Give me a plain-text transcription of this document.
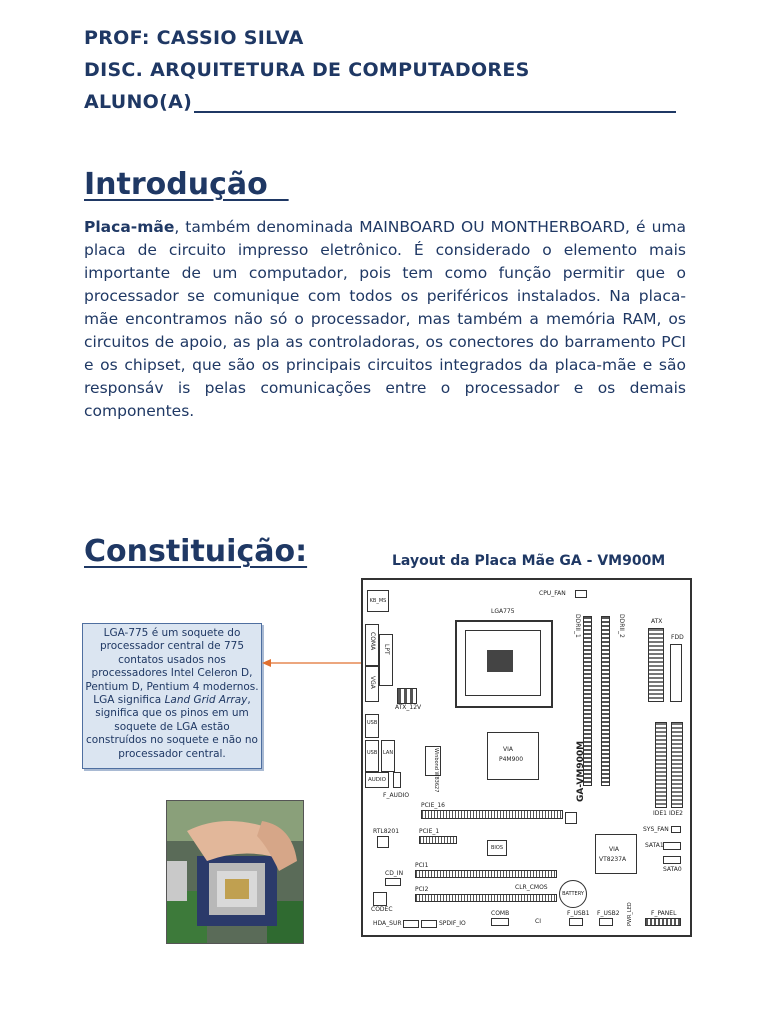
PROF: CASSIO SILVA
DISC. ARQUITETURA DE COMPUTADORES
ALUNO(A)
Introdução
Placa-mãe, também denominada MAINBOARD OU MONTHERBOARD, é uma placa de circuito impresso eletrônico. É considerado o elemento mais importante de um computador, pois tem como função permitir que o processador se comunique com todos os periféricos instalados. Na placa-mãe encontramos não só o processador, mas também a memória RAM, os circuitos de apoio, as pla as controladoras, os conectores do barramento PCI e os chipset, que são os principais circuitos integrados da placa-mãe e são responsáv is pelas comunicações entre o processador e os demais componentes.
Constituição:	Layout da Placa Mãe GA - VM900M
LGA-775 é um soquete do processador central de 775 contatos usados nos processadores Intel Celeron D, Pentium D, Pentium 4 modernos. LGA significa Land Grid Array, significa que os pinos em um soquete de LGA estão construídos no soquete e não no processador central.
KB_MS
CPU_FAN
LGA775
DDRII_1	DDRII_2	ATX
FDD
COMA
VGA
LPT
ATX_12V
USB
USB LAN
AUDIO
F_AUDIO
Winbond W83627	VIA
P4M900	GA-VM900M
PCIE_16
RTL8201	PCIE_1
BIOS
SYS_FAN
IDE1 IDE2
VIA
VT8237A
SATA1
SATA0
CD_IN
PCI1
CLR_CMOS
BATTERY
CODEC
PCI2
HDA_SUR	SPDIF_IO
COMB
CI
F_USB1 F_USB2 PWR_LED	F_PANEL
